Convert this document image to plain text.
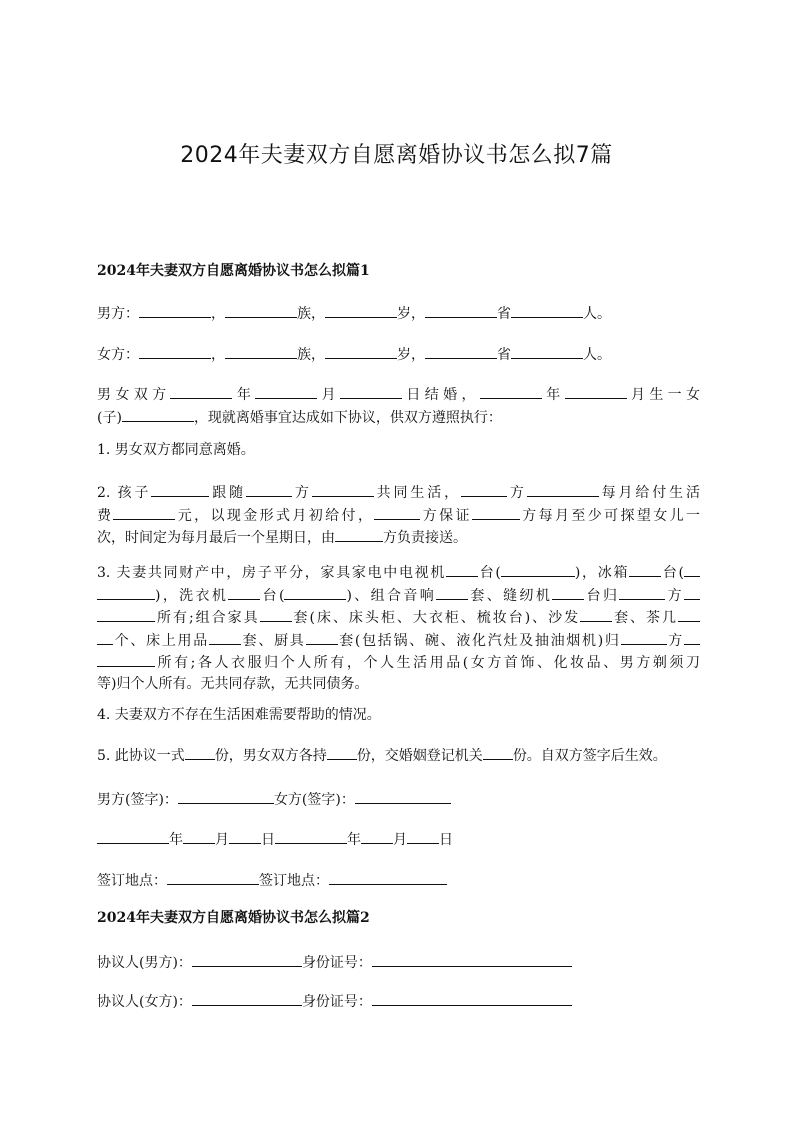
2024年夫妻双方自愿离婚协议书怎么拟7篇
2024年夫妻双方自愿离婚协议书怎么拟篇1

男方：	，	族，	岁，	省	人。

女方：	，	族，	岁，	省	人。

男女双方	年	月	日结婚，	年	月生一女
(子)	，现就离婚事宜达成如下协议，供双方遵照执行：

1. 男女双方都同意离婚。

2. 孩子	跟随	方	共同生活，	方	每月给付生活
费	元，以现金形式月初给付，	方保证	方每月至少可探望女儿一
次，时间定为每月最后一个星期日，由	方负责接送。
3. 夫妻共同财产中，房子平分，家具家电中电视机 台(	)，冰箱 台(
)，洗衣机 台(	)、组合音响 套、缝纫机 台归	方
所有;组合家具 套(床、床头柜、大衣柜、梳妆台)、沙发 套、茶几
个、床上用品 套、厨具 套(包括锅、碗、液化汽灶及抽油烟机)归	方
所有;各人衣服归个人所有，个人生活用品(女方首饰、化妆品、男方剃须刀
等)归个人所有。无共同存款，无共同债务。

4. 夫妻双方不存在生活困难需要帮助的情况。

5. 此协议一式 份，男女双方各持 份，交婚姻登记机关 份。自双方签字后生效。

男方(签字)：	女方(签字)：

年 月 日	年 月 日

签订地点：	签订地点：

2024年夫妻双方自愿离婚协议书怎么拟篇2

协议人(男方)：	身份证号：

协议人(女方)：	身份证号：
